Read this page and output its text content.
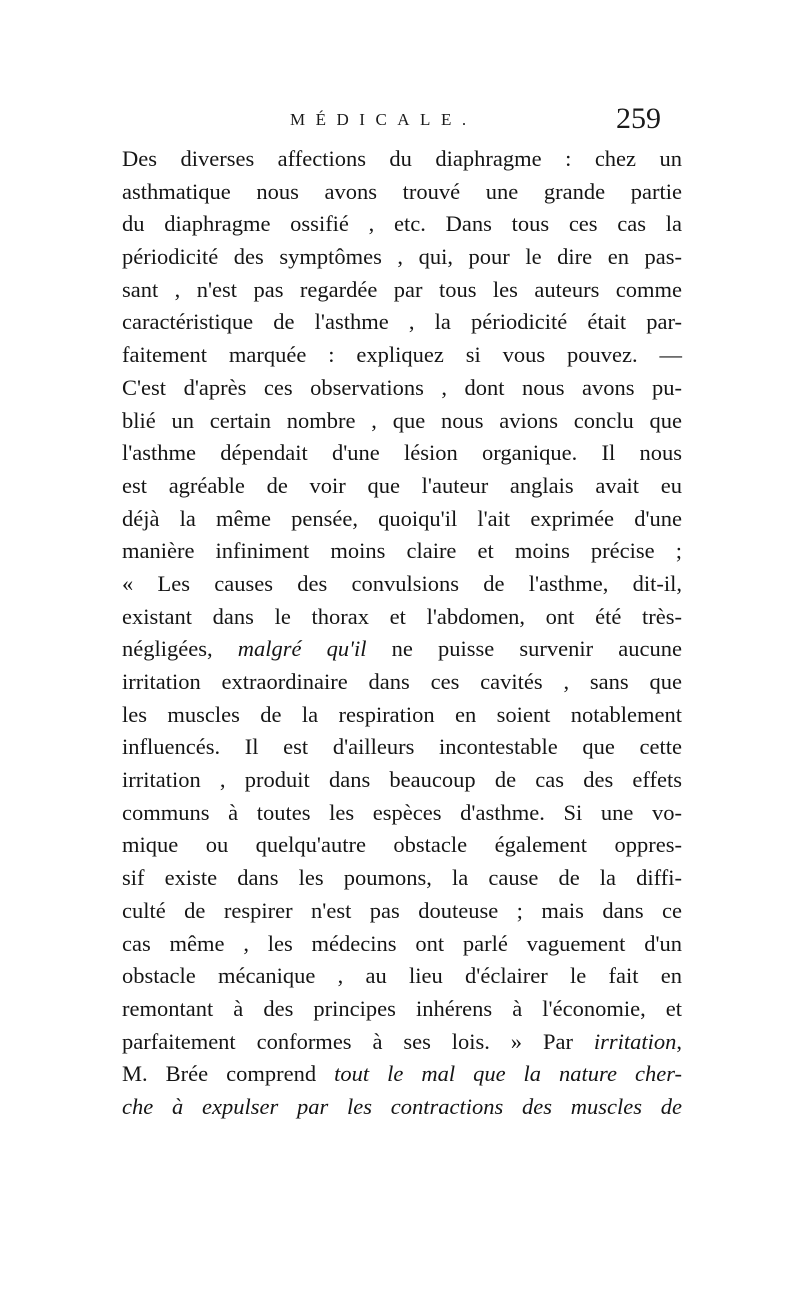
MÉDICALE.	259
Des diverses affections du diaphragme : chez un
asthmatique nous avons trouvé une grande partie
du diaphragme ossifié , etc. Dans tous ces cas la
périodicité des symptômes , qui, pour le dire en pas-
sant , n'est pas regardée par tous les auteurs comme
caractéristique de l'asthme , la périodicité était par-
faitement marquée : expliquez si vous pouvez. —
C'est d'après ces observations , dont nous avons pu-
blié un certain nombre , que nous avions conclu que
l'asthme dépendait d'une lésion organique. Il nous
est agréable de voir que l'auteur anglais avait eu
déjà la même pensée, quoiqu'il l'ait exprimée d'une
manière infiniment moins claire et moins précise ;
« Les causes des convulsions de l'asthme, dit-il,
existant dans le thorax et l'abdomen, ont été très-
négligées, malgré qu'il ne puisse survenir aucune
irritation extraordinaire dans ces cavités , sans que
les muscles de la respiration en soient notablement
influencés. Il est d'ailleurs incontestable que cette
irritation , produit dans beaucoup de cas des effets
communs à toutes les espèces d'asthme. Si une vo-
mique ou quelqu'autre obstacle également oppres-
sif existe dans les poumons, la cause de la diffi-
culté de respirer n'est pas douteuse ; mais dans ce
cas même , les médecins ont parlé vaguement d'un
obstacle mécanique , au lieu d'éclairer le fait en
remontant à des principes inhérens à l'économie, et
parfaitement conformes à ses lois. » Par irritation,
M. Brée comprend tout le mal que la nature cher-
che à expulser par les contractions des muscles de
